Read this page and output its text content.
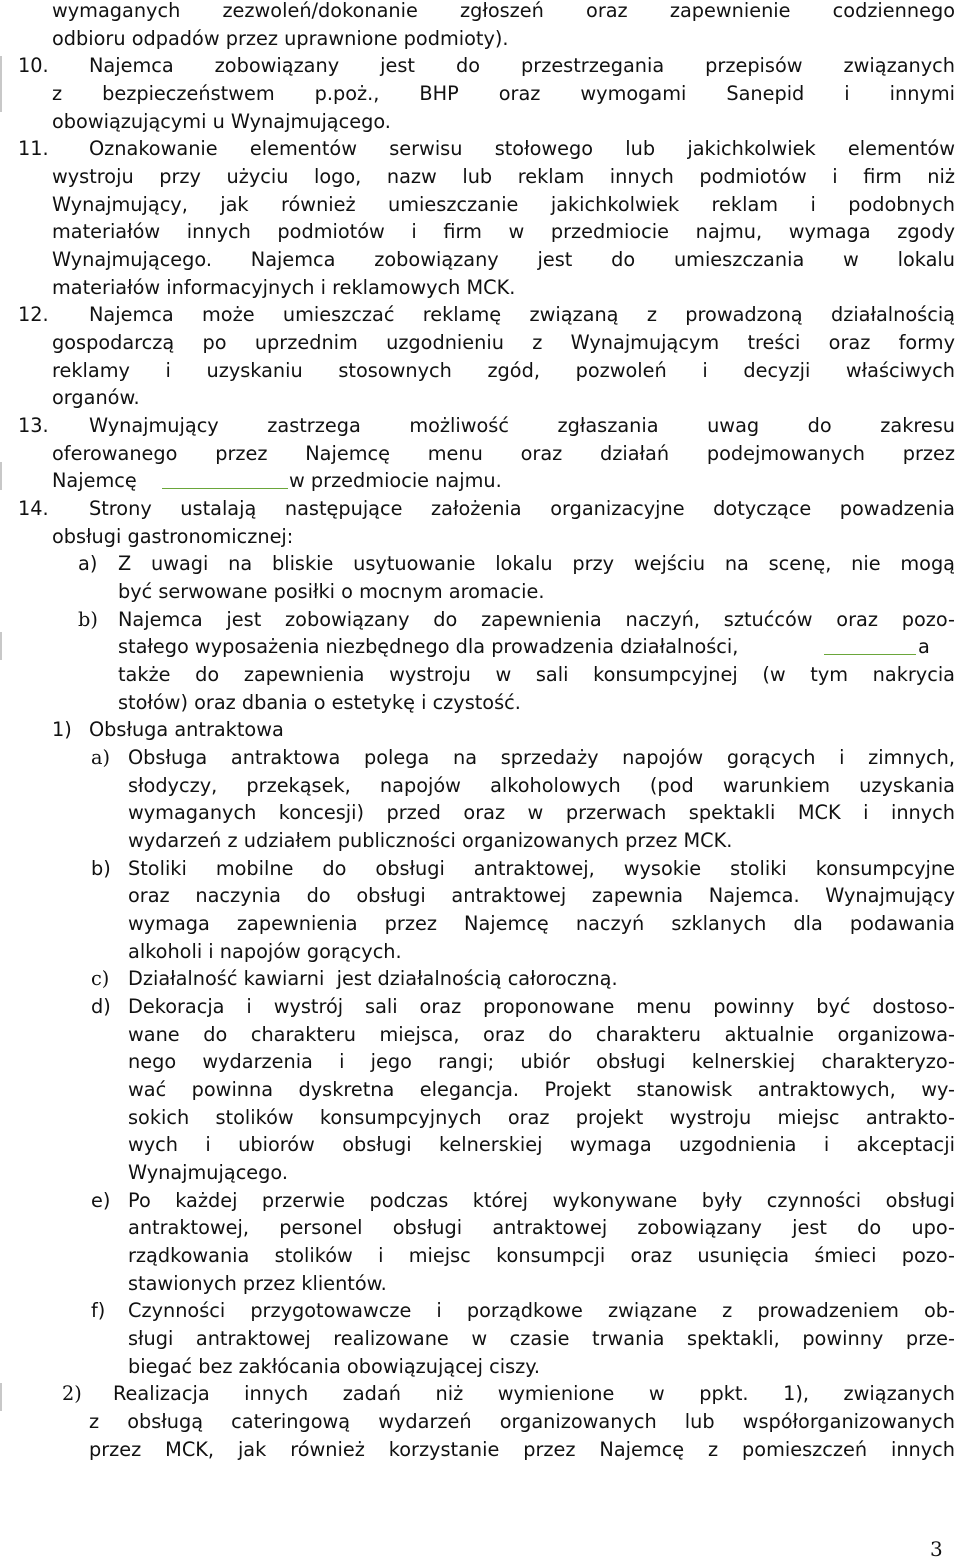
wymaganych zezwoleń/dokonanie zgłoszeń oraz zapewnienie codziennego

odbioru odpadów przez uprawnione podmioty).

10.

Najemca zobowiązany jest do przestrzegania przepisów związanych

z bezpieczeństwem p.poż., BHP oraz wymogami Sanepid i innymi

obowiązującymi u Wynajmującego.

11.

Oznakowanie elementów serwisu stołowego lub jakichkolwiek elementów

wystroju przy użyciu logo, nazw lub reklam innych podmiotów i firm niż

Wynajmujący, jak również umieszczanie jakichkolwiek reklam i podobnych

materiałów innych podmiotów i firm w przedmiocie najmu, wymaga zgody

Wynajmującego. Najemca zobowiązany jest do umieszczania w lokalu

materiałów informacyjnych i reklamowych MCK.

12.

Najemca może umieszczać reklamę związaną z prowadzoną działalnością

gospodarczą po uprzednim uzgodnieniu z Wynajmującym treści oraz formy

reklamy i uzyskaniu stosownych zgód, pozwoleń i decyzji właściwych

organów.

13.

Wynajmujący zastrzega możliwość zgłaszania uwag do zakresu

oferowanego przez Najemcę menu oraz działań podejmowanych przez

Najemcę

	w przedmiocie najmu.

14.

Strony ustalają następujące założenia organizacyjne dotyczące powadzenia

obsługi gastronomicznej:

a)

Z uwagi na bliskie usytuowanie lokalu przy wejściu na scenę, nie mogą

być serwowane posiłki o mocnym aromacie.

b)

Najemca jest zobowiązany do zapewnienia naczyń, sztućców oraz pozo-

stałego wyposażenia niezbędnego dla prowadzenia działalności,

	a

także do zapewnienia wystroju w sali konsumpcyjnej (w tym nakrycia

stołów) oraz dbania o estetykę i czystość.

1)

Obsługa antraktowa

a)

Obsługa antraktowa polega na sprzedaży napojów gorących i zimnych,

słodyczy, przekąsek, napojów alkoholowych (pod warunkiem uzyskania

wymaganych koncesji) przed oraz w przerwach spektakli MCK i innych

wydarzeń z udziałem publiczności organizowanych przez MCK.

b)

Stoliki mobilne do obsługi antraktowej, wysokie stoliki konsumpcyjne

oraz naczynia do obsługi antraktowej zapewnia Najemca. Wynajmujący

wymaga zapewnienia przez Najemcę naczyń szklanych dla podawania

alkoholi i napojów gorących.

c)

Działalność kawiarni  jest działalnością całoroczną.

d)

Dekoracja i wystrój sali oraz proponowane menu powinny być dostoso-

wane do charakteru miejsca, oraz do charakteru aktualnie organizowa-

nego wydarzenia i jego rangi; ubiór obsługi kelnerskiej charakteryzo-

wać powinna dyskretna elegancja. Projekt stanowisk antraktowych, wy-

sokich stolików konsumpcyjnych oraz projekt wystroju miejsc antrakto-

wych i ubiorów obsługi kelnerskiej wymaga uzgodnienia i akceptacji

Wynajmującego.

e)

Po każdej przerwie podczas której wykonywane były czynności obsługi

antraktowej, personel obsługi antraktowej zobowiązany jest do upo-

rządkowania stolików i miejsc konsumpcji oraz usunięcia śmieci pozo-

stawionych przez klientów.

f)

Czynności przygotowawcze i porządkowe związane z prowadzeniem ob-

sługi antraktowej realizowane w czasie trwania spektakli, powinny prze-

biegać bez zakłócania obowiązującej ciszy.

2)

Realizacja innych zadań niż wymienione w ppkt. 1), związanych

z obsługą cateringową wydarzeń organizowanych lub współorganizowanych

przez MCK, jak również korzystanie przez Najemcę z pomieszczeń innych

3
